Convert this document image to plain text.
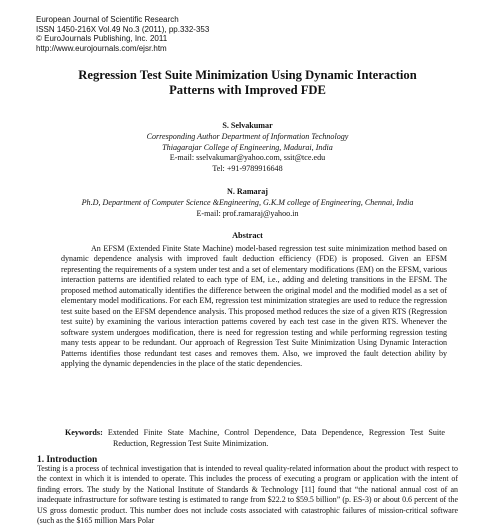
European Journal of Scientific Research
ISSN 1450-216X Vol.49 No.3 (2011), pp.332-353
© EuroJournals Publishing, Inc. 2011
http://www.eurojournals.com/ejsr.htm
Regression Test Suite Minimization Using Dynamic Interaction
Patterns with Improved FDE
S. Selvakumar
Corresponding Author Department of Information Technology
Thiagarajar College of Engineering, Madurai, India
E-mail: sselvakumar@yahoo.com, ssit@tce.edu
Tel: +91-9789916648
N. Ramaraj
Ph.D, Department of Computer Science &Engineering, G.K.M college of Engineering, Chennai, India
E-mail: prof.ramaraj@yahoo.in
Abstract

An EFSM (Extended Finite State Machine) model-based regression test suite minimization method based on dynamic dependence analysis with improved fault deduction efficiency (FDE) is proposed. Given an EFSM representing the requirements of a system under test and a set of elementary modifications (EM) on the EFSM, various interaction patterns are identified related to each type of EM, i.e., adding and deleting transitions in the EFSM. The proposed method automatically identifies the difference between the original model and the modified model as a set of elementary model modifications. For each EM, regression test minimization strategies are used to reduce the regression test suite based on the EFSM dependence analysis. This proposed method reduces the size of a given RTS (Regression test suite) by examining the various interaction patterns covered by each test case in the given RTS. Whenever the software system undergoes modification, there is need for regression testing and while performing regression testing many tests appear to be redundant. Our approach of Regression Test Suite Minimization Using Dynamic Interaction Patterns identifies those redundant test cases and removes them. Also, we improved the fault detection ability by applying the dynamic dependencies in the place of the static dependencies.

Keywords: Extended Finite State Machine, Control Dependence, Data Dependence, Regression Test Suite Reduction, Regression Test Suite Minimization.
1. Introduction

Testing is a process of technical investigation that is intended to reveal quality-related information about the product with respect to the context in which it is intended to operate. This includes the process of executing a program or application with the intent of finding errors. The study by the National Institute of Standards & Technology [11] found that “the national annual cost of an inadequate infrastructure for software testing is estimated to range from $22.2 to $59.5 billion” (p. ES-3) or about 0.6 percent of the US gross domestic product. This number does not include costs associated with catastrophic failures of mission-critical software (such as the $165 million Mars Polar
